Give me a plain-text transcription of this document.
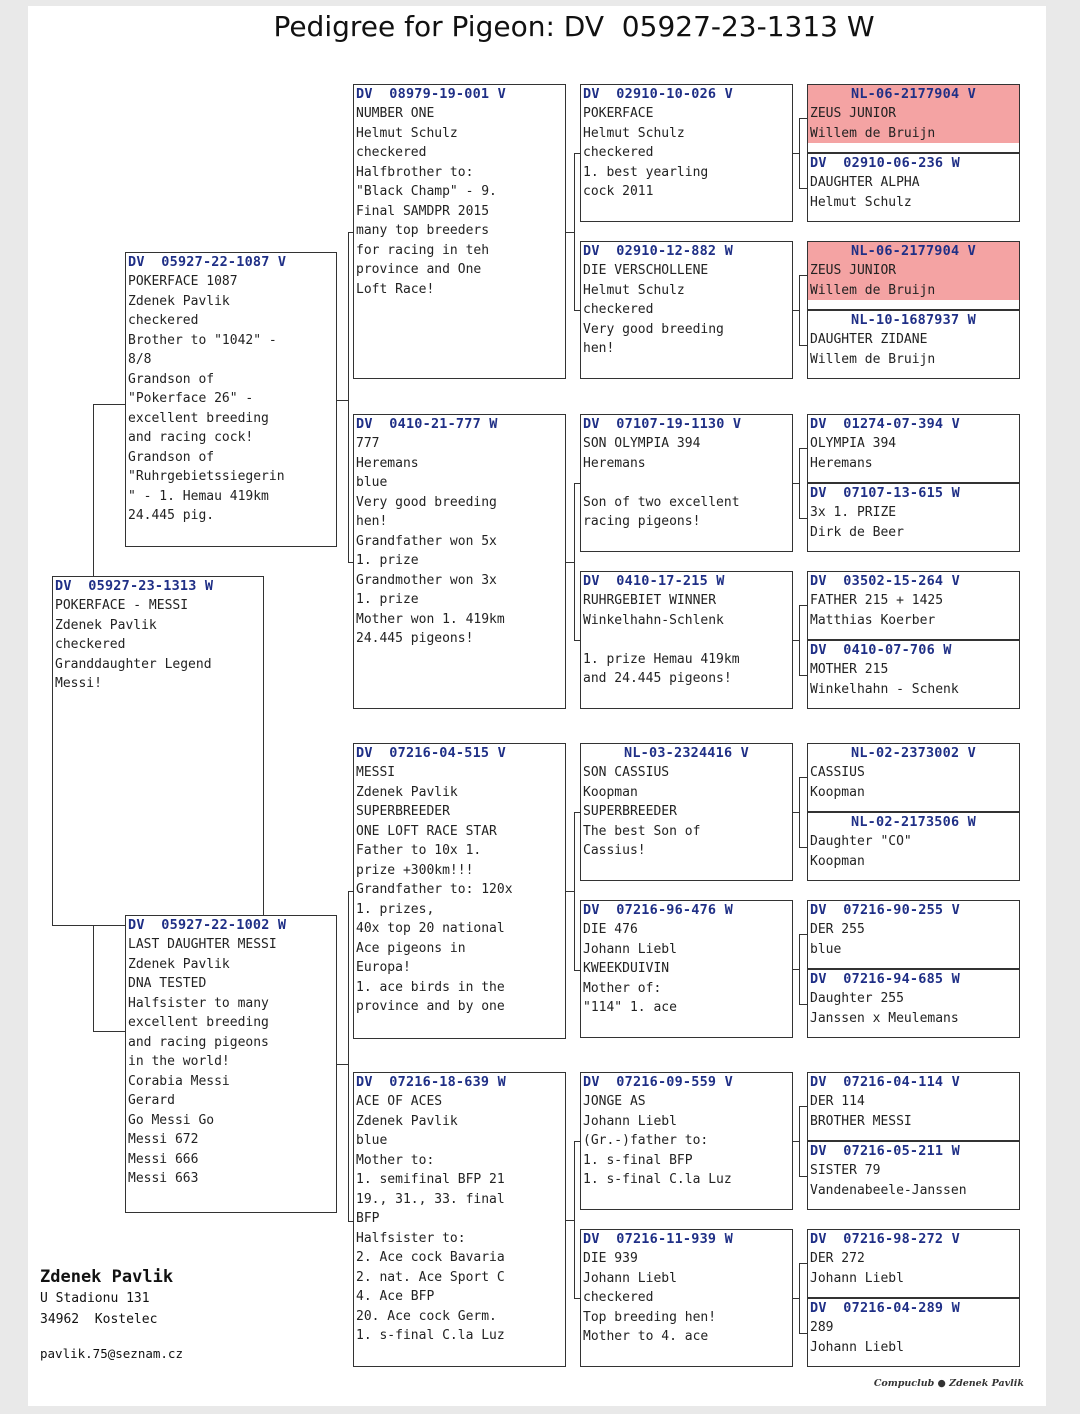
Pedigree for Pigeon: DV  05927-23-1313 W
DV  05927-23-1313 W
POKERFACE - MESSI
Zdenek Pavlik
checkered
Granddaughter Legend
Messi!
DV  05927-22-1087 V
POKERFACE 1087
Zdenek Pavlik
checkered
Brother to "1042" -
8/8
Grandson of
"Pokerface 26" -
excellent breeding
and racing cock!
Grandson of
"Ruhrgebietssiegerin
" - 1. Hemau 419km
24.445 pig.
DV  05927-22-1002 W
LAST DAUGHTER MESSI
Zdenek Pavlik
DNA TESTED
Halfsister to many
excellent breeding
and racing pigeons
in the world!
Corabia Messi
Gerard
Go Messi Go
Messi 672
Messi 666
Messi 663
DV  08979-19-001 V
NUMBER ONE
Helmut Schulz
checkered
Halfbrother to:
"Black Champ" - 9.
Final SAMDPR 2015
many top breeders
for racing in teh
province and One
Loft Race!
DV  0410-21-777 W
777
Heremans
blue
Very good breeding
hen!
Grandfather won 5x
1. prize
Grandmother won 3x
1. prize
Mother won 1. 419km
24.445 pigeons!
DV  07216-04-515 V
MESSI
Zdenek Pavlik
SUPERBREEDER
ONE LOFT RACE STAR
Father to 10x 1.
prize +300km!!!
Grandfather to: 120x
1. prizes,
40x top 20 national
Ace pigeons in
Europa!
1. ace birds in the
province and by one
DV  07216-18-639 W
ACE OF ACES
Zdenek Pavlik
blue
Mother to:
1. semifinal BFP 21
19., 31., 33. final
BFP
Halfsister to:
2. Ace cock Bavaria
2. nat. Ace Sport C
4. Ace BFP
20. Ace cock Germ.
1. s-final C.la Luz
DV  02910-10-026 V
POKERFACE
Helmut Schulz
checkered
1. best yearling
cock 2011
DV  02910-12-882 W
DIE VERSCHOLLENE
Helmut Schulz
checkered
Very good breeding
hen!
DV  07107-19-1130 V
SON OLYMPIA 394
Heremans

Son of two excellent
racing pigeons!
DV  0410-17-215 W
RUHRGEBIET WINNER
Winkelhahn-Schlenk

1. prize Hemau 419km
and 24.445 pigeons!
NL-03-2324416 V
SON CASSIUS
Koopman
SUPERBREEDER
The best Son of
Cassius!
DV  07216-96-476 W
DIE 476
Johann Liebl
KWEEKDUIVIN
Mother of:
"114" 1. ace
DV  07216-09-559 V
JONGE AS
Johann Liebl
(Gr.-)father to:
1. s-final BFP
1. s-final C.la Luz
DV  07216-11-939 W
DIE 939
Johann Liebl
checkered
Top breeding hen!
Mother to 4. ace
NL-06-2177904 V
ZEUS JUNIOR
Willem de Bruijn
DV  02910-06-236 W
DAUGHTER ALPHA
Helmut Schulz
NL-06-2177904 V
ZEUS JUNIOR
Willem de Bruijn
NL-10-1687937 W
DAUGHTER ZIDANE
Willem de Bruijn
DV  01274-07-394 V
OLYMPIA 394
Heremans
DV  07107-13-615 W
3x 1. PRIZE
Dirk de Beer
DV  03502-15-264 V
FATHER 215 + 1425
Matthias Koerber
DV  0410-07-706 W
MOTHER 215
Winkelhahn - Schenk
NL-02-2373002 V
CASSIUS
Koopman
NL-02-2173506 W
Daughter "CO"
Koopman
DV  07216-90-255 V
DER 255
blue
DV  07216-94-685 W
Daughter 255
Janssen x Meulemans
DV  07216-04-114 V
DER 114
BROTHER MESSI
DV  07216-05-211 W
SISTER 79
Vandenabeele-Janssen
DV  07216-98-272 V
DER 272
Johann Liebl
DV  07216-04-289 W
289
Johann Liebl
Zdenek Pavlik
U Stadionu 131
34962  Kostelec
pavlik.75@seznam.cz
Compuclub ● Zdenek Pavlik
